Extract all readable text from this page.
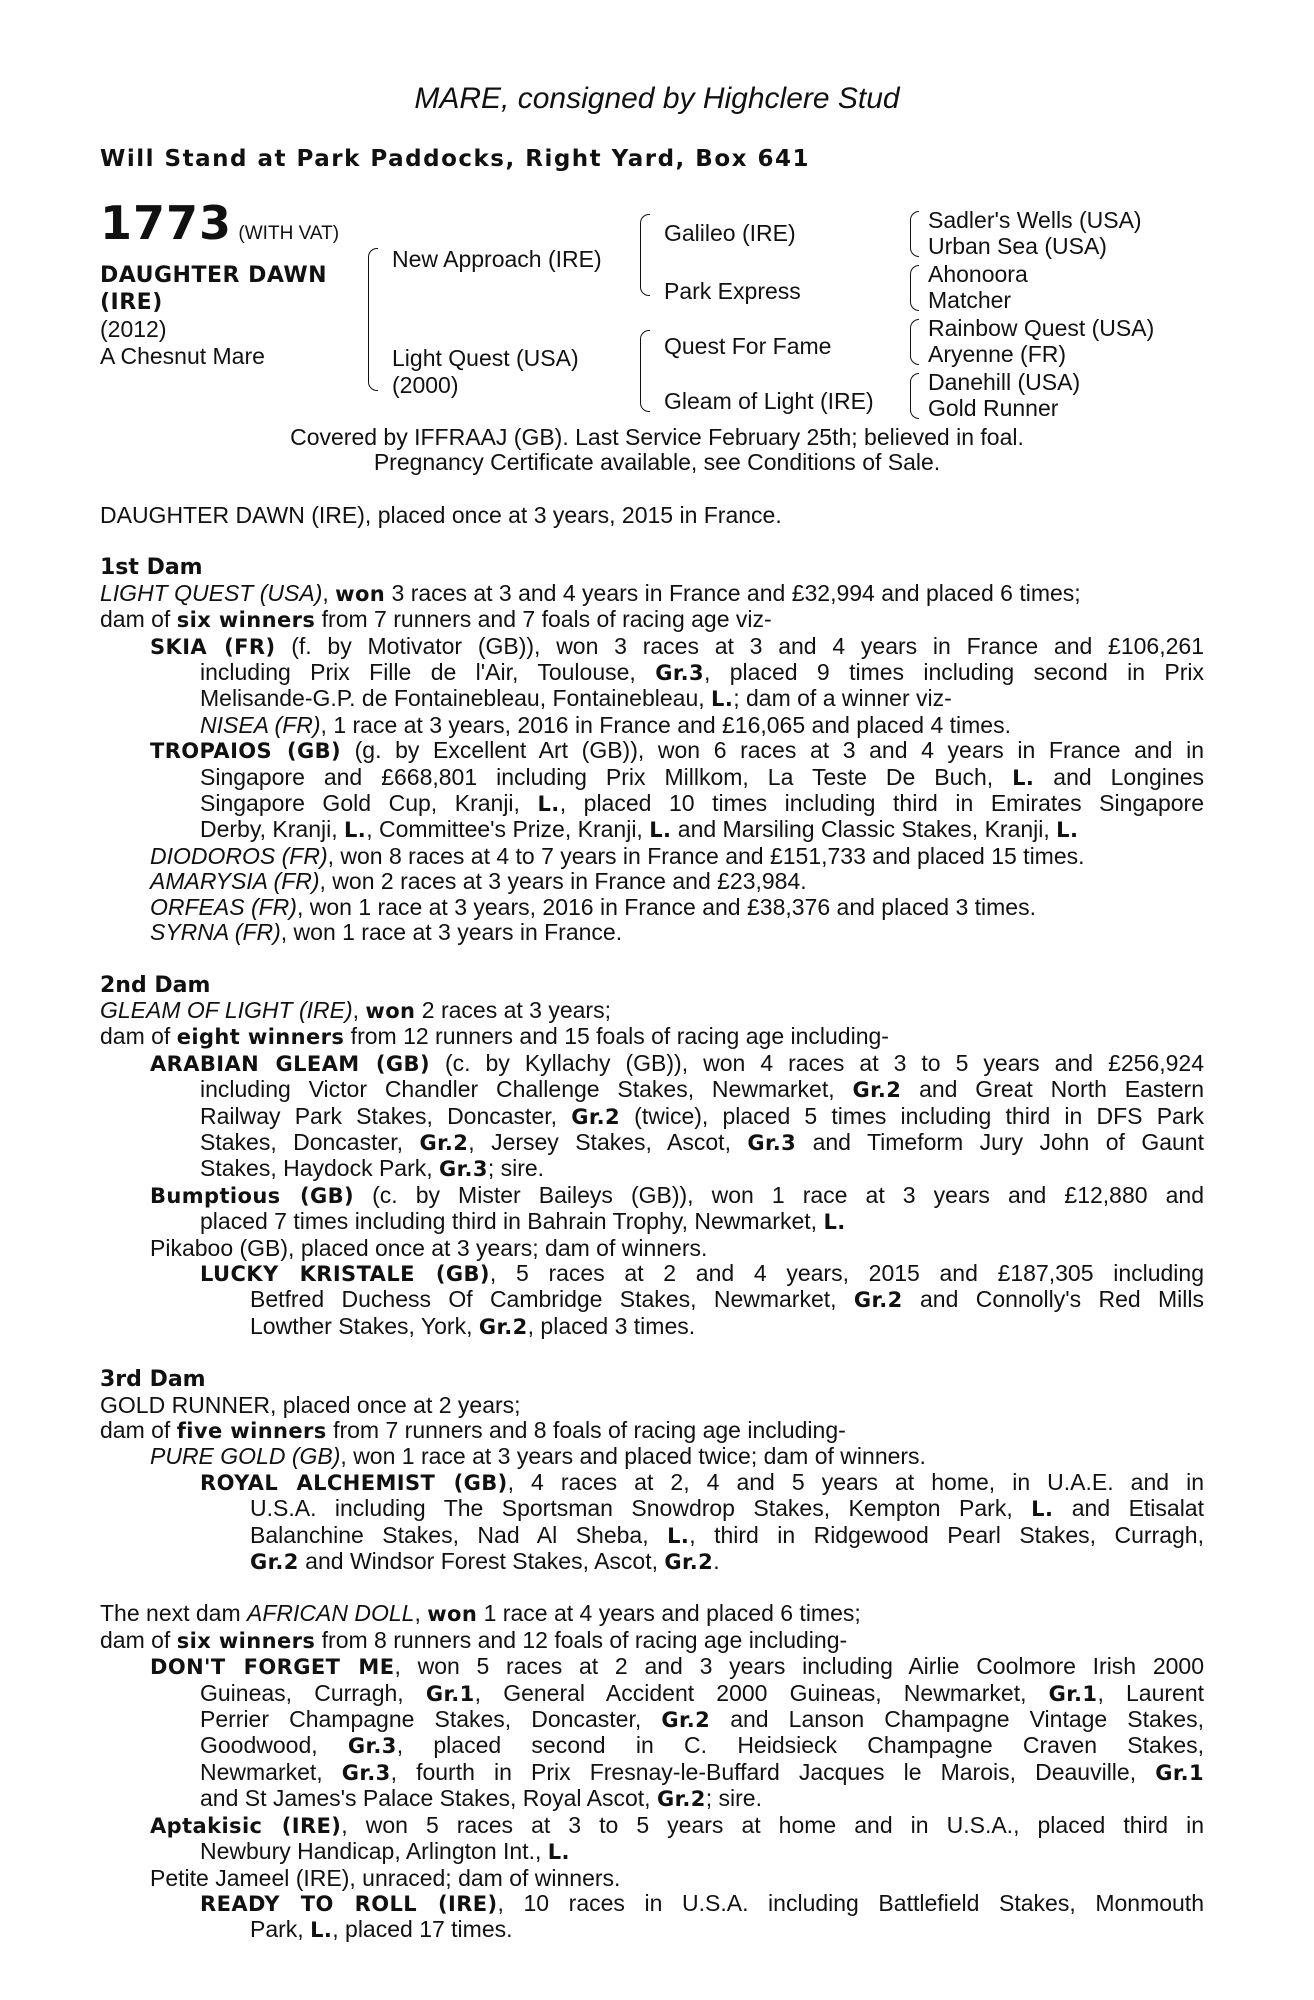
MARE, consigned by Highclere Stud
Will Stand at Park Paddocks, Right Yard, Box 641
1773 (WITH VAT)
DAUGHTER DAWN
(IRE)
(2012)
A Chesnut Mare
New Approach (IRE)
Light Quest (USA)
(2000)
Galileo (IRE)
Park Express
Quest For Fame
Gleam of Light (IRE)
Sadler's Wells (USA)
Urban Sea (USA)
Ahonoora
Matcher
Rainbow Quest (USA)
Aryenne (FR)
Danehill (USA)
Gold Runner
Covered by IFFRAAJ (GB). Last Service February 25th; believed in foal.
Pregnancy Certificate available, see Conditions of Sale.
DAUGHTER DAWN (IRE), placed once at 3 years, 2015 in France.
1st Dam
LIGHT QUEST (USA), won 3 races at 3 and 4 years in France and £32,994 and placed 6 times;
dam of six winners from 7 runners and 7 foals of racing age viz-
SKIA (FR) (f. by Motivator (GB)), won 3 races at 3 and 4 years in France and £106,261
including Prix Fille de l'Air, Toulouse, Gr.3, placed 9 times including second in Prix
Melisande-G.P. de Fontainebleau, Fontainebleau, L.; dam of a winner viz-
NISEA (FR), 1 race at 3 years, 2016 in France and £16,065 and placed 4 times.
TROPAIOS (GB) (g. by Excellent Art (GB)), won 6 races at 3 and 4 years in France and in
Singapore and £668,801 including Prix Millkom, La Teste De Buch, L. and Longines
Singapore Gold Cup, Kranji, L., placed 10 times including third in Emirates Singapore
Derby, Kranji, L., Committee's Prize, Kranji, L. and Marsiling Classic Stakes, Kranji, L.
DIODOROS (FR), won 8 races at 4 to 7 years in France and £151,733 and placed 15 times.
AMARYSIA (FR), won 2 races at 3 years in France and £23,984.
ORFEAS (FR), won 1 race at 3 years, 2016 in France and £38,376 and placed 3 times.
SYRNA (FR), won 1 race at 3 years in France.
2nd Dam
GLEAM OF LIGHT (IRE), won 2 races at 3 years;
dam of eight winners from 12 runners and 15 foals of racing age including-
ARABIAN GLEAM (GB) (c. by Kyllachy (GB)), won 4 races at 3 to 5 years and £256,924
including Victor Chandler Challenge Stakes, Newmarket, Gr.2 and Great North Eastern
Railway Park Stakes, Doncaster, Gr.2 (twice), placed 5 times including third in DFS Park
Stakes, Doncaster, Gr.2, Jersey Stakes, Ascot, Gr.3 and Timeform Jury John of Gaunt
Stakes, Haydock Park, Gr.3; sire.
Bumptious (GB) (c. by Mister Baileys (GB)), won 1 race at 3 years and £12,880 and
placed 7 times including third in Bahrain Trophy, Newmarket, L.
Pikaboo (GB), placed once at 3 years; dam of winners.
LUCKY KRISTALE (GB), 5 races at 2 and 4 years, 2015 and £187,305 including
Betfred Duchess Of Cambridge Stakes, Newmarket, Gr.2 and Connolly's Red Mills
Lowther Stakes, York, Gr.2, placed 3 times.
3rd Dam
GOLD RUNNER, placed once at 2 years;
dam of five winners from 7 runners and 8 foals of racing age including-
PURE GOLD (GB), won 1 race at 3 years and placed twice; dam of winners.
ROYAL ALCHEMIST (GB), 4 races at 2, 4 and 5 years at home, in U.A.E. and in
U.S.A. including The Sportsman Snowdrop Stakes, Kempton Park, L. and Etisalat
Balanchine Stakes, Nad Al Sheba, L., third in Ridgewood Pearl Stakes, Curragh,
Gr.2 and Windsor Forest Stakes, Ascot, Gr.2.
The next dam AFRICAN DOLL, won 1 race at 4 years and placed 6 times;
dam of six winners from 8 runners and 12 foals of racing age including-
DON'T FORGET ME, won 5 races at 2 and 3 years including Airlie Coolmore Irish 2000
Guineas, Curragh, Gr.1, General Accident 2000 Guineas, Newmarket, Gr.1, Laurent
Perrier Champagne Stakes, Doncaster, Gr.2 and Lanson Champagne Vintage Stakes,
Goodwood, Gr.3, placed second in C. Heidsieck Champagne Craven Stakes,
Newmarket, Gr.3, fourth in Prix Fresnay-le-Buffard Jacques le Marois, Deauville, Gr.1
and St James's Palace Stakes, Royal Ascot, Gr.2; sire.
Aptakisic (IRE), won 5 races at 3 to 5 years at home and in U.S.A., placed third in
Newbury Handicap, Arlington Int., L.
Petite Jameel (IRE), unraced; dam of winners.
READY TO ROLL (IRE), 10 races in U.S.A. including Battlefield Stakes, Monmouth
Park, L., placed 17 times.
